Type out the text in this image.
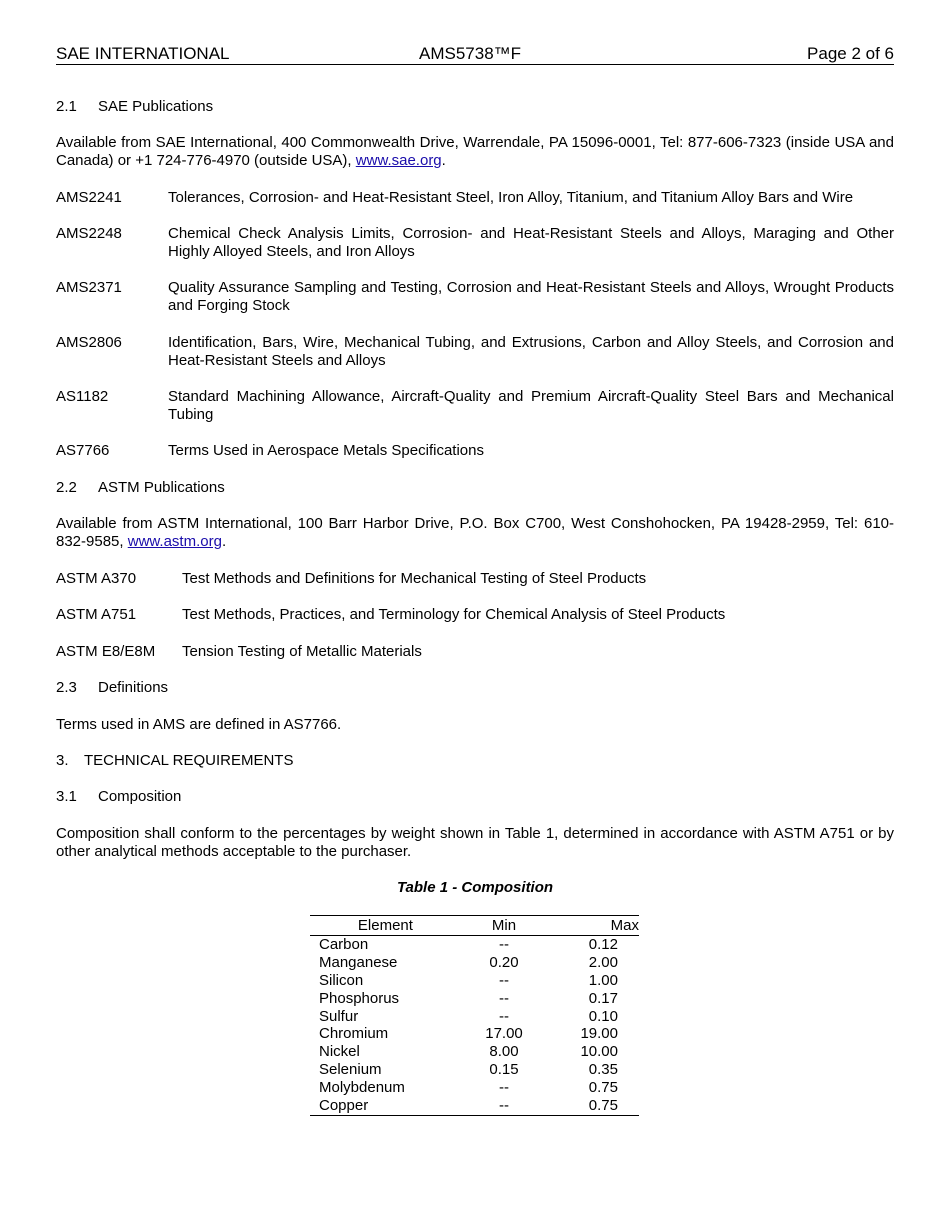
SAE INTERNATIONAL	AMS5738™F	Page 2 of 6
2.1 SAE Publications

Available from SAE International, 400 Commonwealth Drive, Warrendale, PA 15096-0001, Tel: 877-606-7323 (inside USA and Canada) or +1 724-776-4970 (outside USA), www.sae.org.

AMS2241	Tolerances, Corrosion- and Heat-Resistant Steel, Iron Alloy, Titanium, and Titanium Alloy Bars and Wire
AMS2248	Chemical Check Analysis Limits, Corrosion- and Heat-Resistant Steels and Alloys, Maraging and Other Highly Alloyed Steels, and Iron Alloys
AMS2371	Quality Assurance Sampling and Testing, Corrosion and Heat-Resistant Steels and Alloys, Wrought Products and Forging Stock
AMS2806	Identification, Bars, Wire, Mechanical Tubing, and Extrusions, Carbon and Alloy Steels, and Corrosion and Heat-Resistant Steels and Alloys
AS1182	Standard Machining Allowance, Aircraft-Quality and Premium Aircraft-Quality Steel Bars and Mechanical Tubing
AS7766	Terms Used in Aerospace Metals Specifications
2.2 ASTM Publications

Available from ASTM International, 100 Barr Harbor Drive, P.O. Box C700, West Conshohocken, PA 19428-2959, Tel: 610-832-9585, www.astm.org.

ASTM A370	Test Methods and Definitions for Mechanical Testing of Steel Products
ASTM A751	Test Methods, Practices, and Terminology for Chemical Analysis of Steel Products
ASTM E8/E8M Tension Testing of Metallic Materials
2.3 Definitions
Terms used in AMS are defined in AS7766.
3. TECHNICAL REQUIREMENTS
3.1 Composition

Composition shall conform to the percentages by weight shown in Table 1, determined in accordance with ASTM A751 or by other analytical methods acceptable to the purchaser.

Table 1 - Composition
Element	Min	Max
Carbon	--	0.12
Manganese	0.20	2.00
Silicon	--	1.00
Phosphorus	--	0.17
Sulfur	--	0.10
Chromium	17.00	19.00
Nickel	8.00	10.00
Selenium	0.15	0.35
Molybdenum	--	0.75
Copper	--	0.75
